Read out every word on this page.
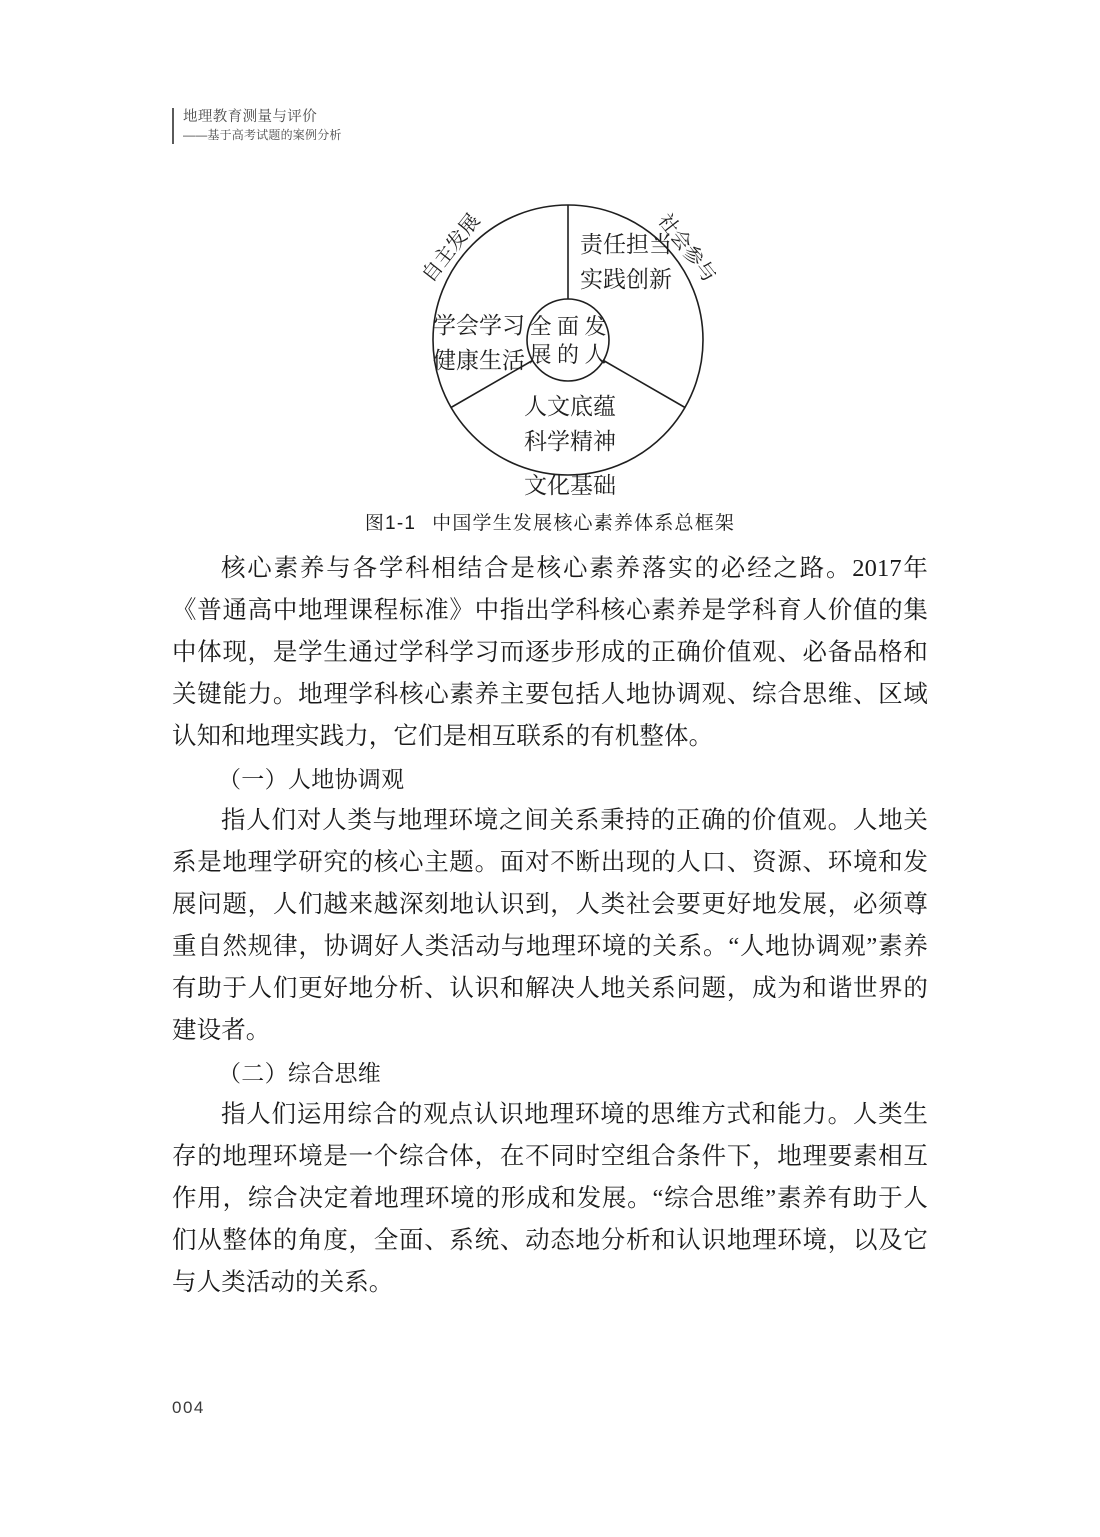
地理教育测量与评价
——基于高考试题的案例分析
全 面 发
展 的 人
责任担当
实践创新
学会学习
健康生活
人文底蕴
科学精神
自主发展	社会参与
文化基础
图1-1 中国学生发展核心素养体系总框架

核心素养与各学科相结合是核心素养落实的必经之路。2017年《普通高中地理课程标准》中指出学科核心素养是学科育人价值的集中体现，是学生通过学科学习而逐步形成的正确价值观、必备品格和关键能力。地理学科核心素养主要包括人地协调观、综合思维、区域认知和地理实践力，它们是相互联系的有机整体。

（一）人地协调观

指人们对人类与地理环境之间关系秉持的正确的价值观。人地关系是地理学研究的核心主题。面对不断出现的人口、资源、环境和发展问题，人们越来越深刻地认识到，人类社会要更好地发展，必须尊重自然规律，协调好人类活动与地理环境的关系。“人地协调观”素养有助于人们更好地分析、认识和解决人地关系问题，成为和谐世界的建设者。

（二）综合思维

指人们运用综合的观点认识地理环境的思维方式和能力。人类生存的地理环境是一个综合体，在不同时空组合条件下，地理要素相互作用，综合决定着地理环境的形成和发展。“综合思维”素养有助于人们从整体的角度，全面、系统、动态地分析和认识地理环境，以及它与人类活动的关系。

004
